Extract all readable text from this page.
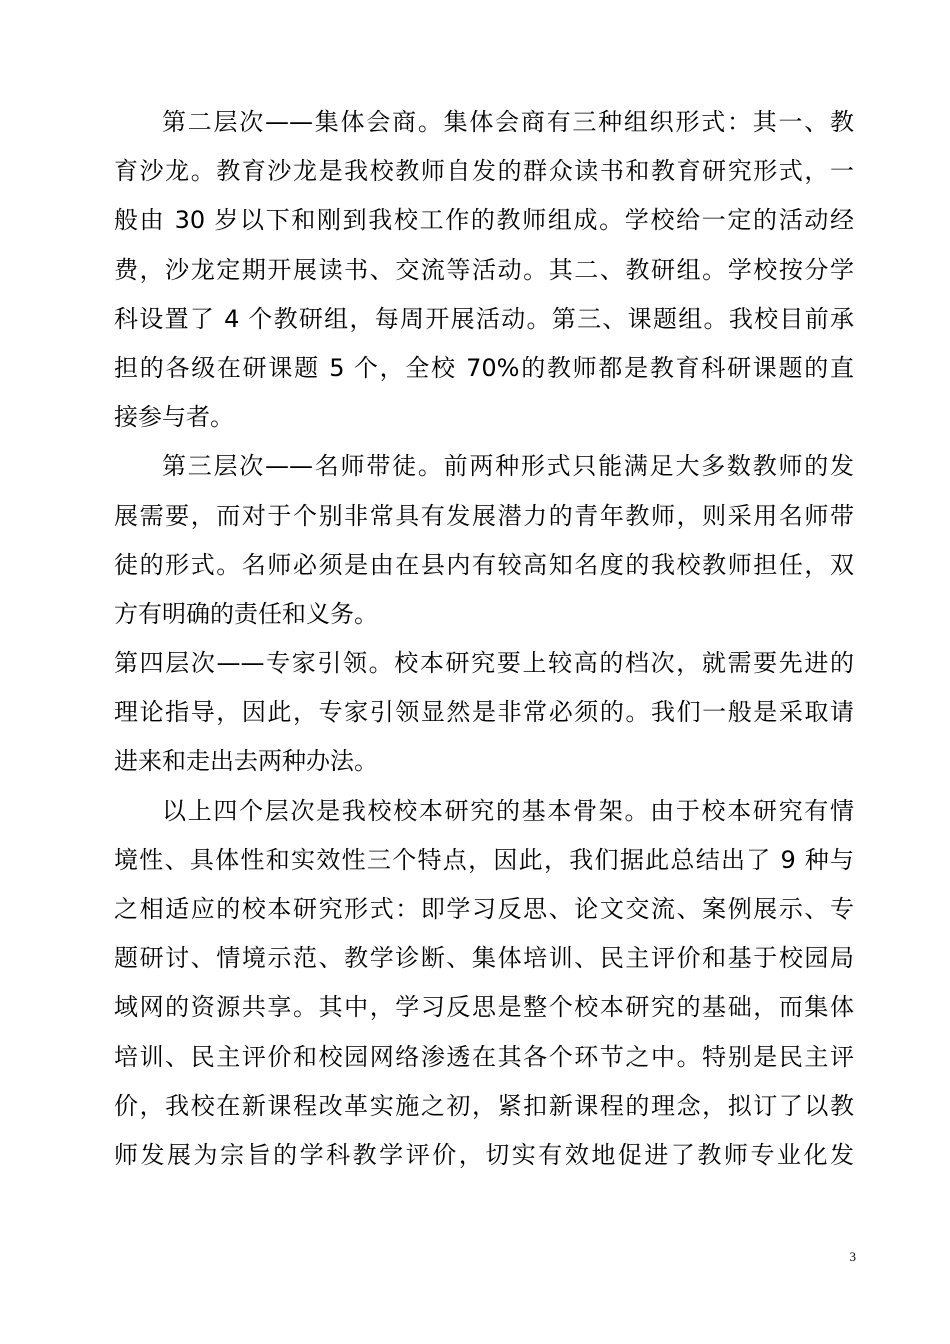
第二层次——集体会商。集体会商有三种组织形式：其一、教
育沙龙。教育沙龙是我校教师自发的群众读书和教育研究形式，一
般由 30 岁以下和刚到我校工作的教师组成。学校给一定的活动经
费，沙龙定期开展读书、交流等活动。其二、教研组。学校按分学
科设置了 4 个教研组，每周开展活动。第三、课题组。我校目前承
担的各级在研课题 5 个，全校 70%的教师都是教育科研课题的直
接参与者。
第三层次——名师带徒。前两种形式只能满足大多数教师的发
展需要，而对于个别非常具有发展潜力的青年教师，则采用名师带
徒的形式。名师必须是由在县内有较高知名度的我校教师担任，双
方有明确的责任和义务。
第四层次——专家引领。校本研究要上较高的档次，就需要先进的
理论指导，因此，专家引领显然是非常必须的。我们一般是采取请
进来和走出去两种办法。
以上四个层次是我校校本研究的基本骨架。由于校本研究有情
境性、具体性和实效性三个特点，因此，我们据此总结出了 9 种与
之相适应的校本研究形式：即学习反思、论文交流、案例展示、专
题研讨、情境示范、教学诊断、集体培训、民主评价和基于校园局
域网的资源共享。其中，学习反思是整个校本研究的基础，而集体
培训、民主评价和校园网络渗透在其各个环节之中。特别是民主评
价，我校在新课程改革实施之初，紧扣新课程的理念，拟订了以教
师发展为宗旨的学科教学评价，切实有效地促进了教师专业化发
3
